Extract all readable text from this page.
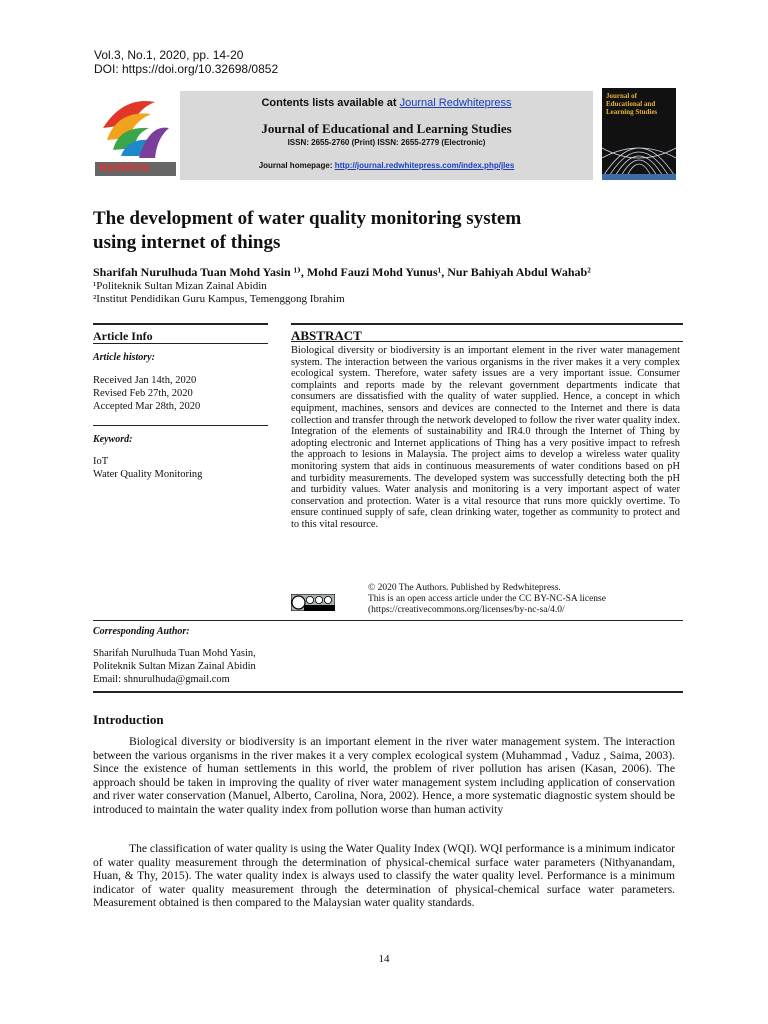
Vol.3, No.1, 2020, pp. 14-20
DOI: https://doi.org/10.32698/0852
RedWhite
Contents lists available at Journal Redwhitepress
Journal of Educational and Learning Studies
ISSN: 2655-2760 (Print) ISSN: 2655-2779 (Electronic)
Journal homepage: http://journal.redwhitepress.com/index.php/jles
Journal of Educational and Learning Studies
The development of water quality monitoring system
using internet of things
Sharifah Nurulhuda Tuan Mohd Yasin ¹⁾, Mohd Fauzi Mohd Yunus¹, Nur Bahiyah Abdul Wahab²
¹Politeknik Sultan Mizan Zainal Abidin
²Institut Pendidikan Guru Kampus, Temenggong Ibrahim
Article Info
Article history:
Received Jan 14th, 2020
Revised Feb 27th, 2020
Accepted Mar 28th, 2020
Keyword:
IoT
Water Quality Monitoring
ABSTRACT
Biological diversity or biodiversity is an important element in the river water management system. The interaction between the various organisms in the river makes it a very complex ecological system. Therefore, water safety issues are a very important issue. Consumer complaints and reports made by the relevant government departments indicate that consumers are dissatisfied with the quality of water supplied. Hence, a concept in which equipment, machines, sensors and devices are connected to the Internet and there is data collection and transfer through the network developed to follow the river water quality index. Integration of the elements of sustainability and IR4.0 through the Internet of Thing by adopting electronic and Internet applications of Thing has a very positive impact to refresh the approach to lesions in Malaysia. The project aims to develop a wireless water quality monitoring system that aids in continuous measurements of water conditions based on pH and turbidity measurements. The developed system was successfully detecting both the pH and turbidity values. Water analysis and monitoring is a very important aspect of water conservation and protection. Water is a vital resource that runs more quickly overtime. To ensure continued supply of safe, clean drinking water, together as community to protect and to this vital resource.
© 2020 The Authors. Published by Redwhitepress.
This is an open access article under the CC BY-NC-SA license
(https://creativecommons.org/licenses/by-nc-sa/4.0/
Corresponding Author:
Sharifah Nurulhuda Tuan Mohd Yasin,
Politeknik Sultan Mizan Zainal Abidin
Email: shnurulhuda@gmail.com
Introduction
Biological diversity or biodiversity is an important element in the river water management system. The interaction between the various organisms in the river makes it a very complex ecological system (Muhammad , Vaduz , Saima, 2003). Since the existence of human settlements in this world, the problem of river pollution has arisen (Kasan, 2006). The approach should be taken in improving the quality of river water management system including application of conservation and river water conservation (Manuel, Alberto, Carolina, Nora, 2002). Hence, a more systematic diagnostic system should be introduced to maintain the water quality index from pollution worse than human activity
The classification of water quality is using the Water Quality Index (WQI). WQI performance is a minimum indicator of water quality measurement through the determination of physical-chemical surface water parameters (Nithyanandam, Huan, & Thy, 2015). The water quality index is always used to classify the water quality level. Performance is a minimum indicator of water quality measurement through the determination of physical-chemical surface water parameters. Measurement obtained is then compared to the Malaysian water quality standards.
14
